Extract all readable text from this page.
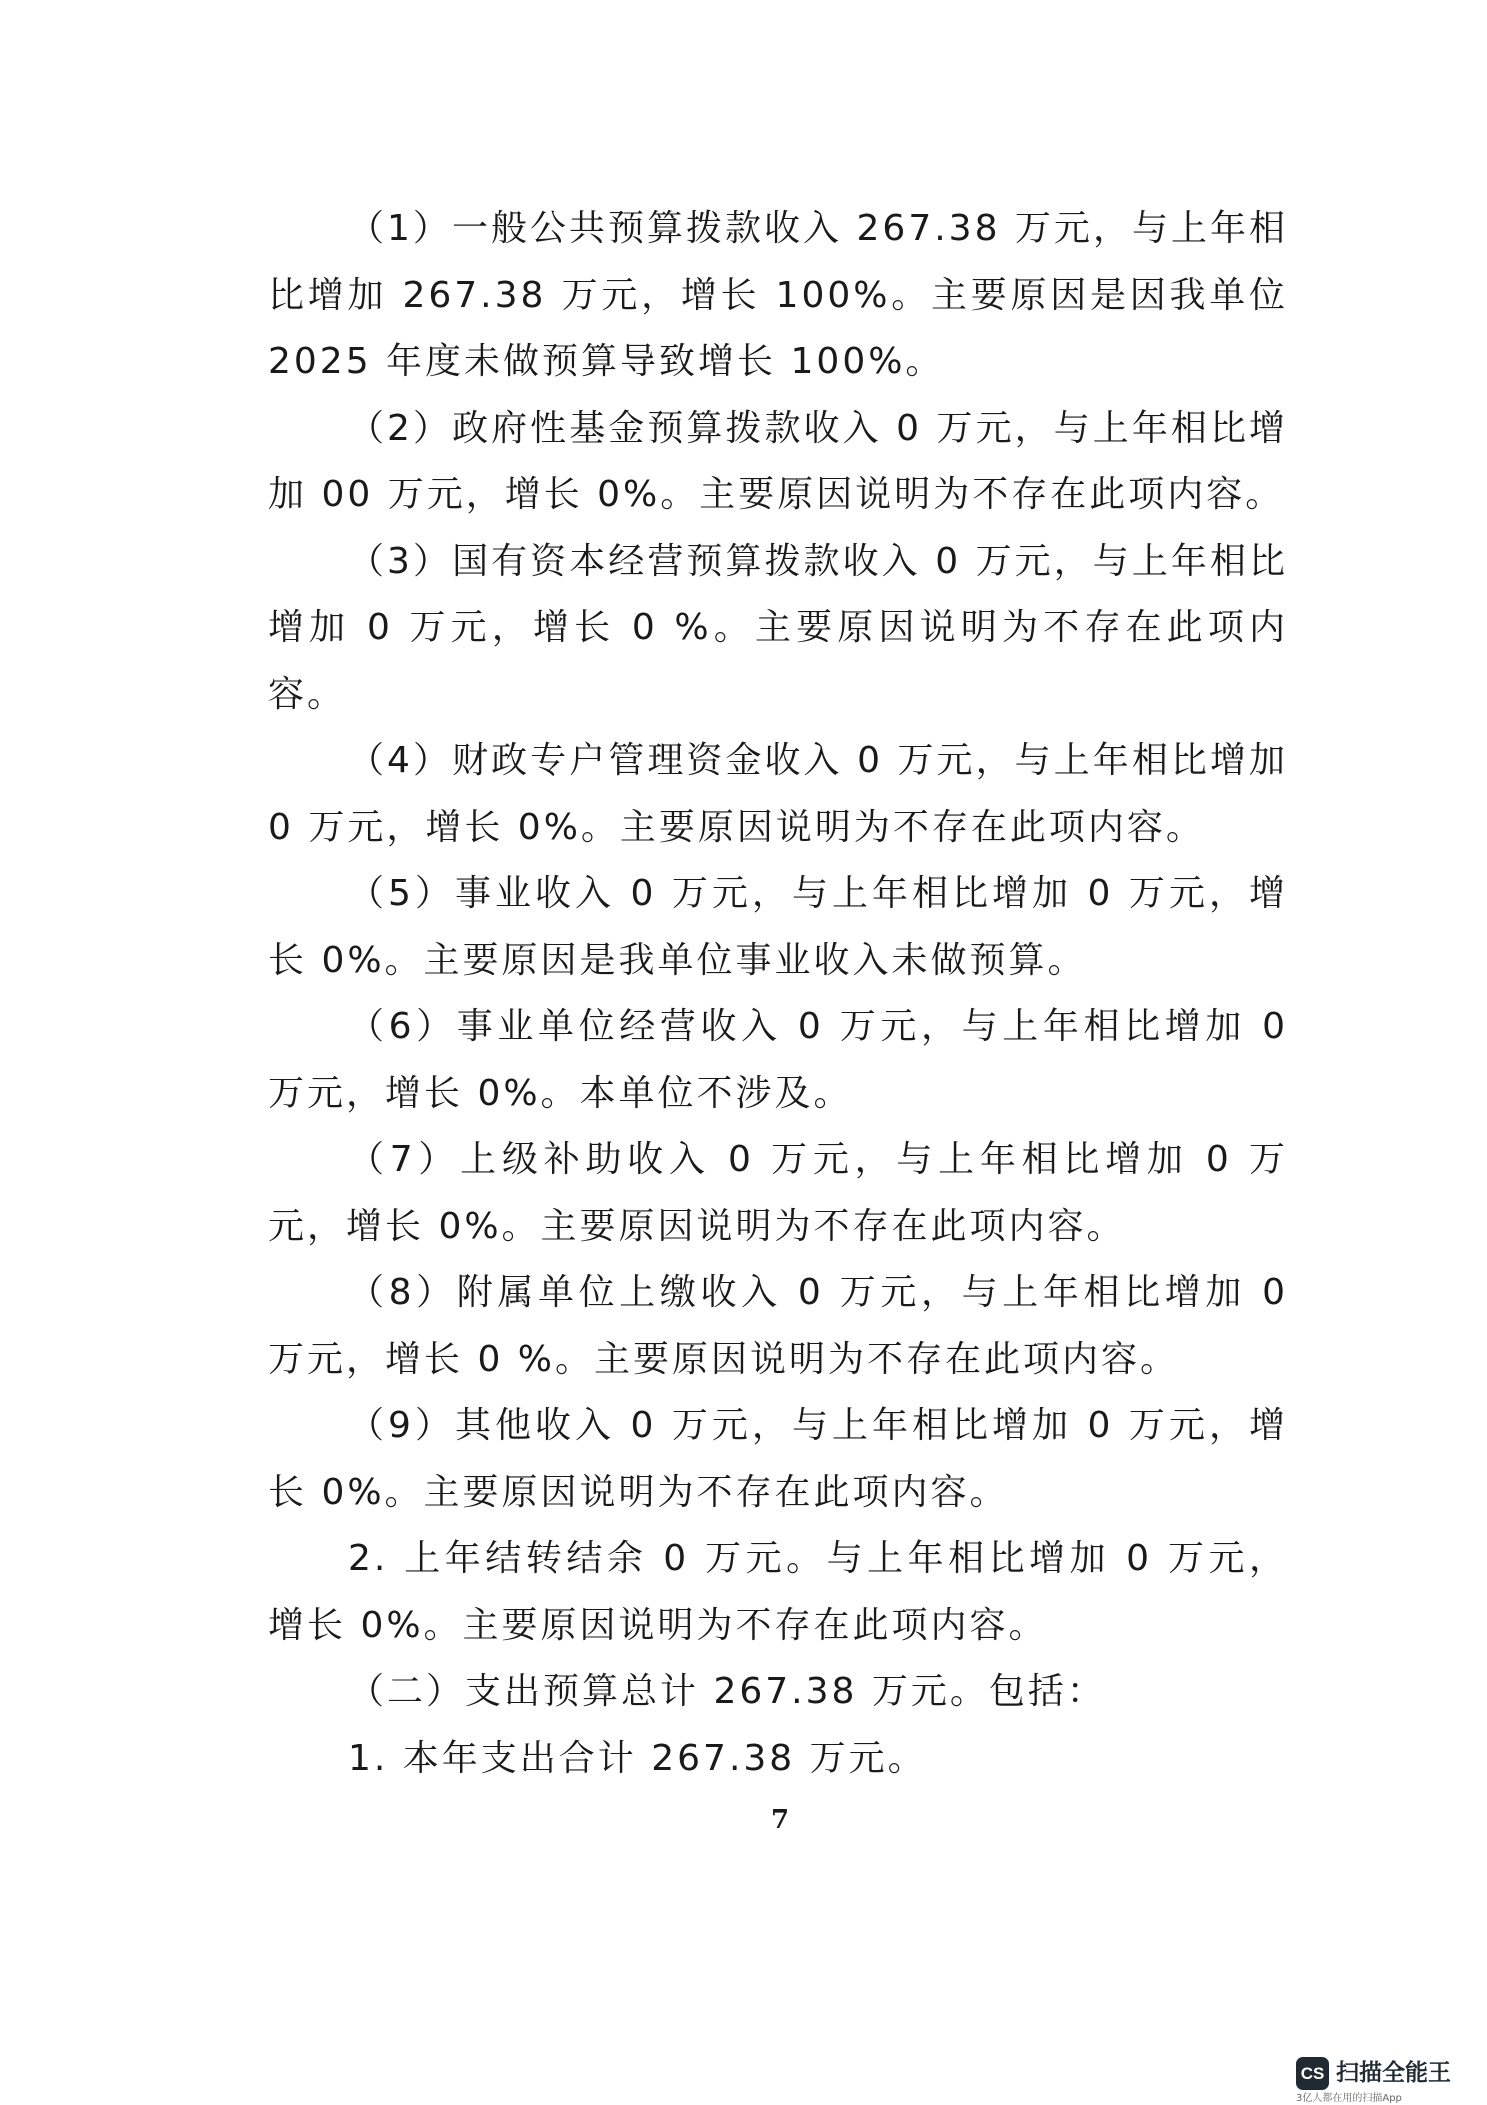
（1）一般公共预算拨款收入 267.38 万元，与上年相比增加 267.38 万元，增长 100%。主要原因是因我单位 2025 年度未做预算导致增长 100%。

（2）政府性基金预算拨款收入 0 万元，与上年相比增加 00 万元，增长 0%。主要原因说明为不存在此项内容。

（3）国有资本经营预算拨款收入 0 万元，与上年相比增加 0 万元，增长 0 %。主要原因说明为不存在此项内容。

（4）财政专户管理资金收入 0 万元，与上年相比增加 0 万元，增长 0%。主要原因说明为不存在此项内容。

（5）事业收入 0 万元，与上年相比增加 0 万元，增长 0%。主要原因是我单位事业收入未做预算。

（6）事业单位经营收入 0 万元，与上年相比增加 0 万元，增长 0%。本单位不涉及。

（7）上级补助收入 0 万元，与上年相比增加 0 万元，增长 0%。主要原因说明为不存在此项内容。

（8）附属单位上缴收入 0 万元，与上年相比增加 0 万元，增长 0 %。主要原因说明为不存在此项内容。

（9）其他收入 0 万元，与上年相比增加 0 万元，增长 0%。主要原因说明为不存在此项内容。

2. 上年结转结余 0 万元。与上年相比增加 0 万元，增长 0%。主要原因说明为不存在此项内容。

（二）支出预算总计 267.38 万元。包括：

1. 本年支出合计 267.38 万元。

7
CS 扫描全能王
3亿人都在用的扫描App
